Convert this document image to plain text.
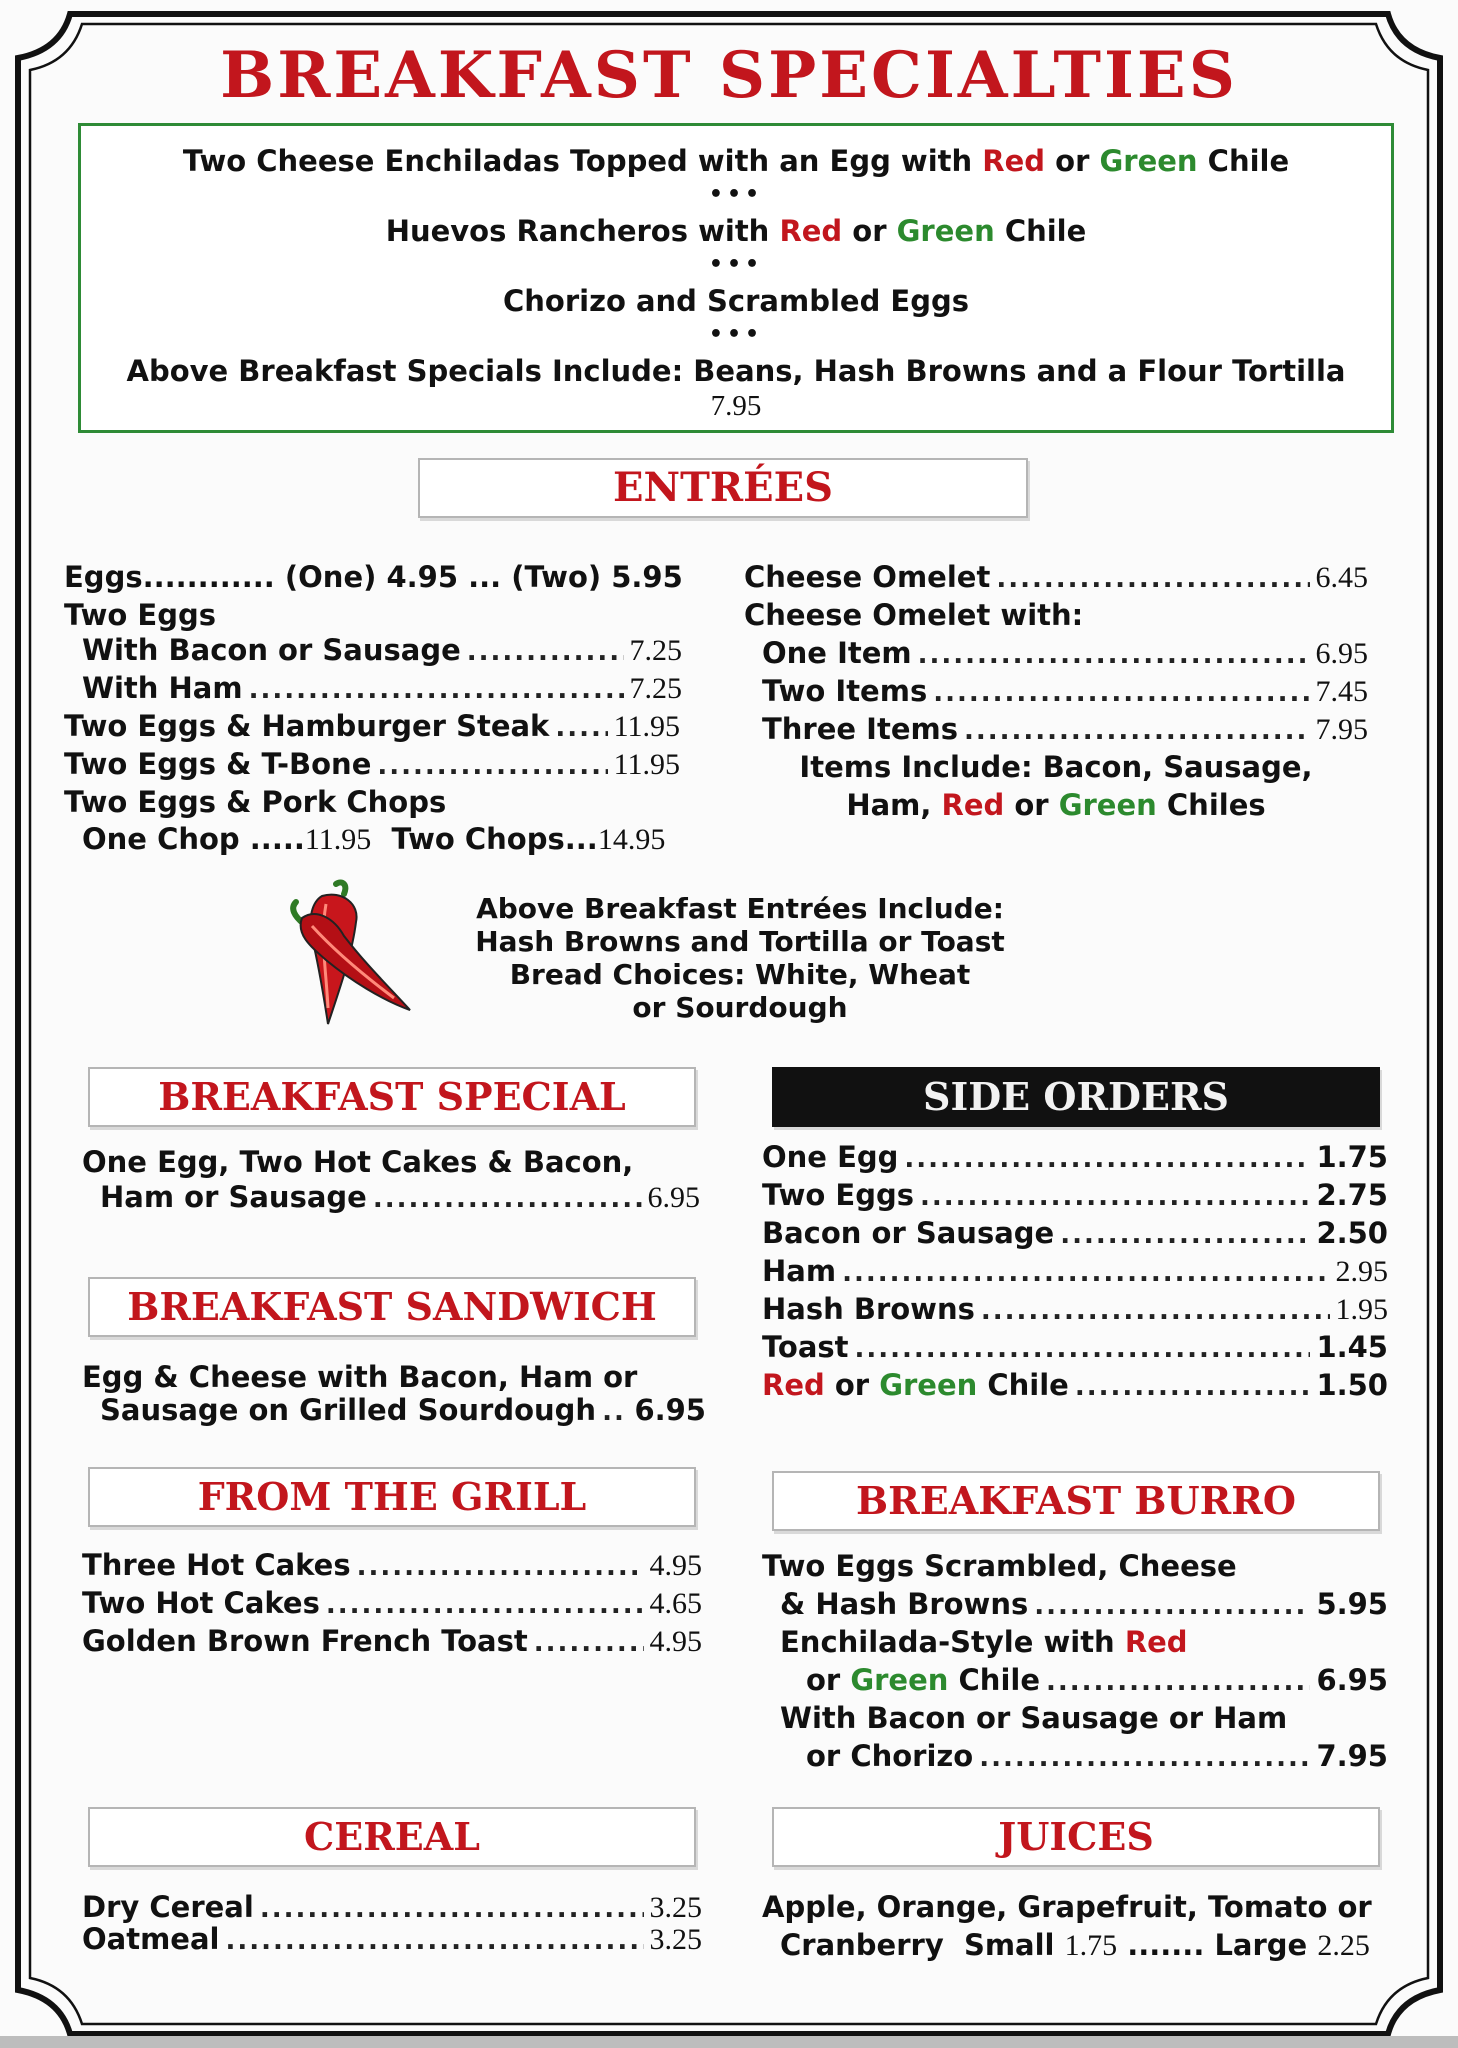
BREAKFAST SPECIALTIES
Two Cheese Enchiladas Topped with an Egg with Red or Green Chile
•••
Huevos Rancheros with Red or Green Chile
•••
Chorizo and Scrambled Eggs
•••
Above Breakfast Specials Include: Beans, Hash Browns and a Flour Tortilla
7.95
ENTRÉES
Eggs............ (One) 4.95 ... (Two) 5.95
Two Eggs
With Bacon or Sausage .....	7.25
With Ham .....	7.25
Two Eggs & Hamburger Steak ..... 11.95
Two Eggs & T-Bone .....	11.95
Two Eggs & Pork Chops
One Chop .....11.95 Two Chops...14.95
Cheese Omelet .....	6.45
Cheese Omelet with:
One Item .....	6.95
Two Items .....	7.45
Three Items .....	7.95
Items Include: Bacon, Sausage,
Ham, Red or Green Chiles
Above Breakfast Entrées Include:
Hash Browns and Tortilla or Toast
Bread Choices: White, Wheat
or Sourdough
BREAKFAST SPECIAL
One Egg, Two Hot Cakes & Bacon,
Ham or Sausage .....	6.95
BREAKFAST SANDWICH
Egg & Cheese with Bacon, Ham or
Sausage on Grilled Sourdough ..... 6.95
FROM THE GRILL
Three Hot Cakes .....	4.95
Two Hot Cakes .....	4.65
Golden Brown French Toast .....	4.95
CEREAL
Dry Cereal .....	3.25
Oatmeal .....	3.25
SIDE ORDERS
One Egg .....	1.75
Two Eggs .....	2.75
Bacon or Sausage .....	2.50
Ham .....	2.95
Hash Browns .....	1.95
Toast .....	1.45
Red or Green Chile .....	1.50
BREAKFAST BURRO
Two Eggs Scrambled, Cheese
& Hash Browns .....	5.95
Enchilada-Style with Red
or Green Chile .....	6.95
With Bacon or Sausage or Ham
or Chorizo .....	7.95
JUICES
Apple, Orange, Grapefruit, Tomato or
Cranberry Small 1.75 ....... Large 2.25
